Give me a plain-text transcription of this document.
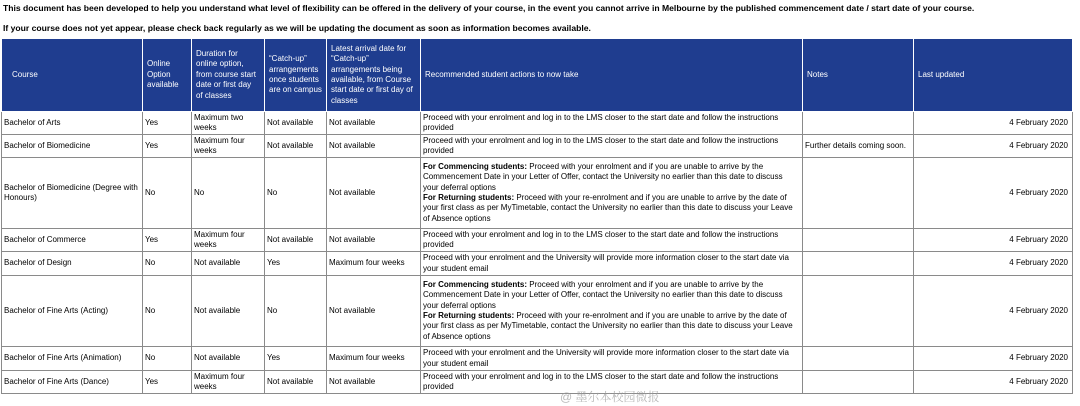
This document has been developed to help you understand what level of flexibility can be offered in the delivery of your course, in the event you cannot arrive in Melbourne by the published commencement date / start date of your course.
If your course does not yet appear, please check back regularly as we will be updating the document as soon as information becomes available.
Course	Online Option available	Duration for online option, from course start date or first day of classes	“Catch-up” arrangements once students are on campus	Latest arrival date for “Catch-up” arrangements being available, from Course start date or first day of classes	Recommended student actions to now take	Notes	Last updated
Bachelor of Arts	Yes	Maximum two weeks	Not available	Not available	Proceed with your enrolment and log in to the LMS closer to the start date and follow the instructions provided		4 February 2020
Bachelor of Biomedicine	Yes	Maximum four weeks	Not available	Not available	Proceed with your enrolment and log in to the LMS closer to the start date and follow the instructions provided	Further details coming soon.	4 February 2020
Bachelor of Biomedicine (Degree with Honours)	No	No	No	Not available	For Commencing students: Proceed with your enrolment and if you are unable to arrive by the Commencement Date in your Letter of Offer, contact the University no earlier than this date to discuss your deferral options
For Returning students: Proceed with your re-enrolment and if you are unable to arrive by the date of your first class as per MyTimetable, contact the University no earlier than this date to discuss your Leave of Absence options		4 February 2020
Bachelor of Commerce	Yes	Maximum four weeks	Not available	Not available	Proceed with your enrolment and log in to the LMS closer to the start date and follow the instructions provided		4 February 2020
Bachelor of Design	No	Not available	Yes	Maximum four weeks	Proceed with your enrolment and the University will provide more information closer to the start date via your student email		4 February 2020
Bachelor of Fine Arts (Acting)	No	Not available	No	Not available	For Commencing students: Proceed with your enrolment and if you are unable to arrive by the Commencement Date in your Letter of Offer, contact the University no earlier than this date to discuss your deferral options
For Returning students: Proceed with your re-enrolment and if you are unable to arrive by the date of your first class as per MyTimetable, contact the University no earlier than this date to discuss your Leave of Absence options		4 February 2020
Bachelor of Fine Arts (Animation)	No	Not available	Yes	Maximum four weeks	Proceed with your enrolment and the University will provide more information closer to the start date via your student email		4 February 2020
Bachelor of Fine Arts (Dance)	Yes	Maximum four weeks	Not available	Not available	Proceed with your enrolment and log in to the LMS closer to the start date and follow the instructions provided		4 February 2020
@ 墨尔本校园微报
